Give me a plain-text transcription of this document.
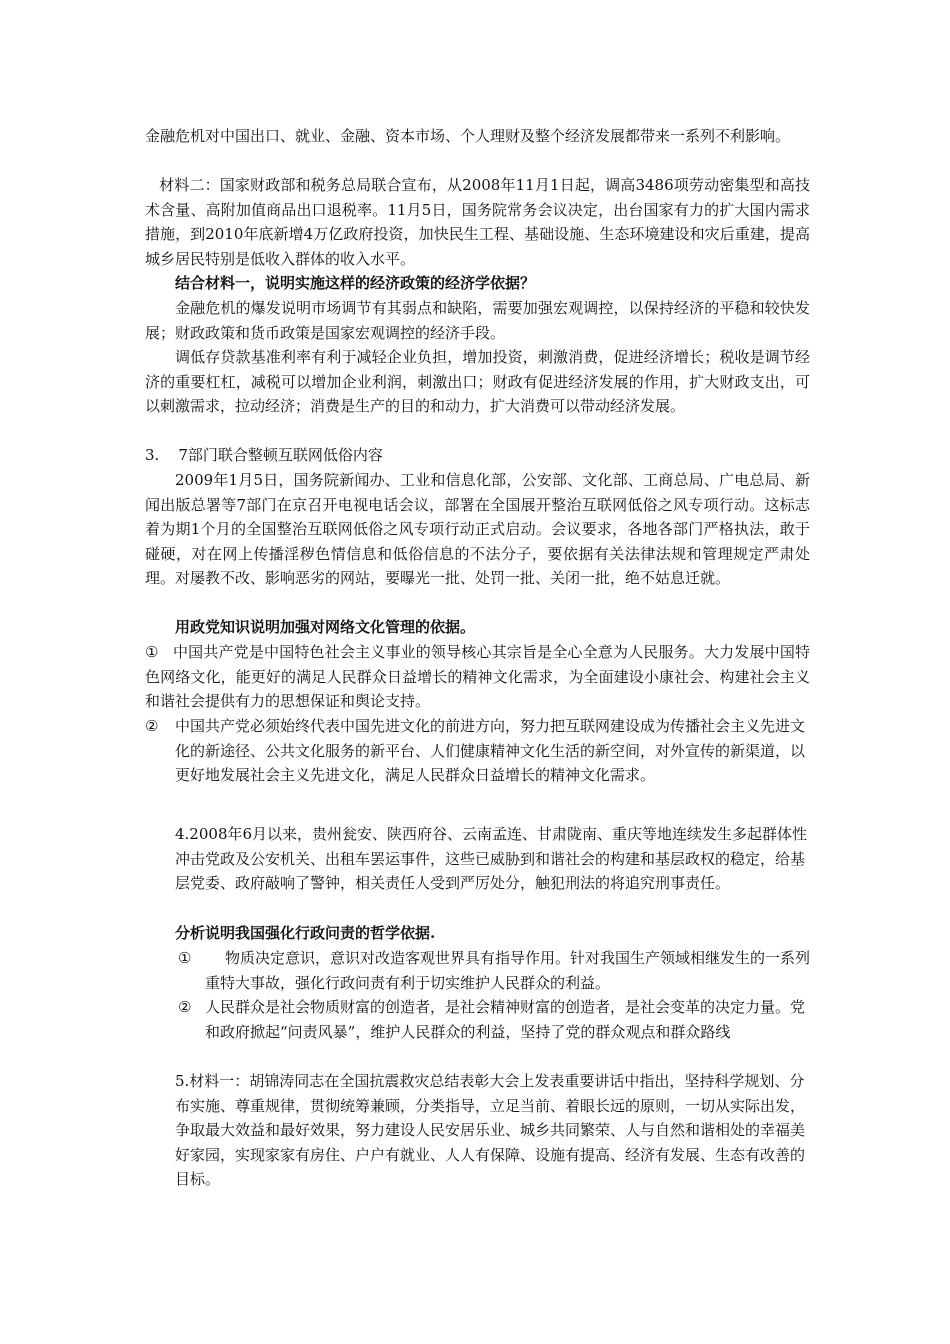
金融危机对中国出口、就业、金融、资本市场、个人理财及整个经济发展都带来一系列不利影响。

材料二：国家财政部和税务总局联合宣布，从2008年11月1日起，调高3486项劳动密集型和高技术含量、高附加值商品出口退税率。11月5日，国务院常务会议决定，出台国家有力的扩大国内需求措施，到2010年底新增4万亿政府投资，加快民生工程、基础设施、生态环境建设和灾后重建，提高城乡居民特别是低收入群体的收入水平。

结合材料一，说明实施这样的经济政策的经济学依据？

金融危机的爆发说明市场调节有其弱点和缺陷，需要加强宏观调控，以保持经济的平稳和较快发展；财政政策和货币政策是国家宏观调控的经济手段。

调低存贷款基准利率有利于减轻企业负担，增加投资，刺激消费，促进经济增长；税收是调节经济的重要杠杠，减税可以增加企业利润，刺激出口；财政有促进经济发展的作用，扩大财政支出，可以刺激需求，拉动经济；消费是生产的目的和动力，扩大消费可以带动经济发展。

3.    7部门联合整顿互联网低俗内容

2009年1月5日，国务院新闻办、工业和信息化部，公安部、文化部、工商总局、广电总局、新闻出版总署等7部门在京召开电视电话会议，部署在全国展开整治互联网低俗之风专项行动。这标志着为期1个月的全国整治互联网低俗之风专项行动正式启动。会议要求，各地各部门严格执法，敢于碰硬，对在网上传播淫秽色情信息和低俗信息的不法分子，要依据有关法律法规和管理规定严肃处理。对屡教不改、影响恶劣的网站，要曝光一批、处罚一批、关闭一批，绝不姑息迁就。

用政党知识说明加强对网络文化管理的依据。

① 中国共产党是中国特色社会主义事业的领导核心其宗旨是全心全意为人民服务。大力发展中国特色网络文化，能更好的满足人民群众日益增长的精神文化需求，为全面建设小康社会、构建社会主义和谐社会提供有力的思想保证和舆论支持。

②	中国共产党必须始终代表中国先进文化的前进方向，努力把互联网建设成为传播社会主义先进文化的新途径、公共文化服务的新平台、人们健康精神文化生活的新空间，对外宣传的新渠道，以更好地发展社会主义先进文化，满足人民群众日益增长的精神文化需求。

4.2008年6月以来，贵州瓮安、陕西府谷、云南孟连、甘肃陇南、重庆等地连续发生多起群体性冲击党政及公安机关、出租车罢运事件，这些已威胁到和谐社会的构建和基层政权的稳定，给基层党委、政府敲响了警钟，相关责任人受到严厉处分，触犯刑法的将追究刑事责任。

分析说明我国强化行政问责的哲学依据.

①	物质决定意识，意识对改造客观世界具有指导作用。针对我国生产领域相继发生的一系列重特大事故，强化行政问责有利于切实维护人民群众的利益。

② 人民群众是社会物质财富的创造者，是社会精神财富的创造者，是社会变革的决定力量。党和政府掀起“问责风暴”，维护人民群众的利益，坚持了党的群众观点和群众路线

5.材料一：胡锦涛同志在全国抗震救灾总结表彰大会上发表重要讲话中指出，坚持科学规划、分布实施、尊重规律，贯彻统筹兼顾，分类指导，立足当前、着眼长远的原则，一切从实际出发，争取最大效益和最好效果，努力建设人民安居乐业、城乡共同繁荣、人与自然和谐相处的幸福美好家园，实现家家有房住、户户有就业、人人有保障、设施有提高、经济有发展、生态有改善的目标。
